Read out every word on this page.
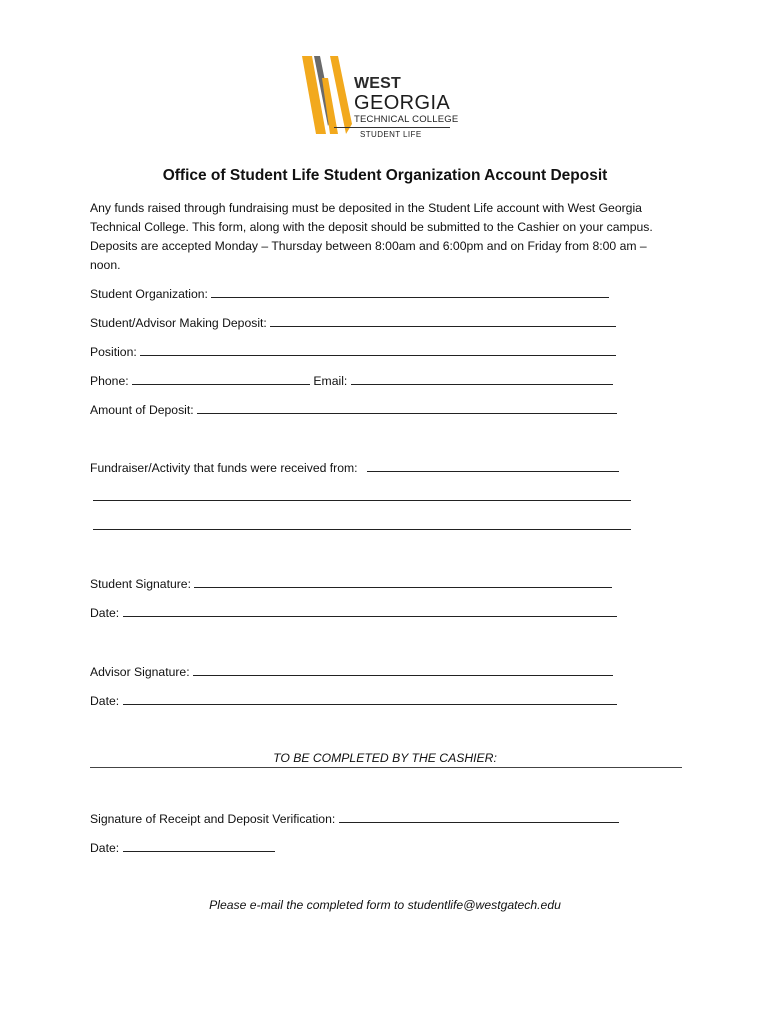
WEST
GEORGIA
TECHNICAL COLLEGE
STUDENT LIFE
Office of Student Life Student Organization Account Deposit
Any funds raised through fundraising must be deposited in the Student Life account with West Georgia
Technical College. This form, along with the deposit should be submitted to the Cashier on your campus.
Deposits are accepted Monday – Thursday between 8:00am and 6:00pm and on Friday from 8:00 am –
noon.
Student Organization:
Student/Advisor Making Deposit:
Position:
Phone:	Email:
Amount of Deposit:
Fundraiser/Activity that funds were received from:
Student Signature:
Date:
Advisor Signature:
Date:
TO BE COMPLETED BY THE CASHIER:
Signature of Receipt and Deposit Verification:
Date:
Please e-mail the completed form to studentlife@westgatech.edu
